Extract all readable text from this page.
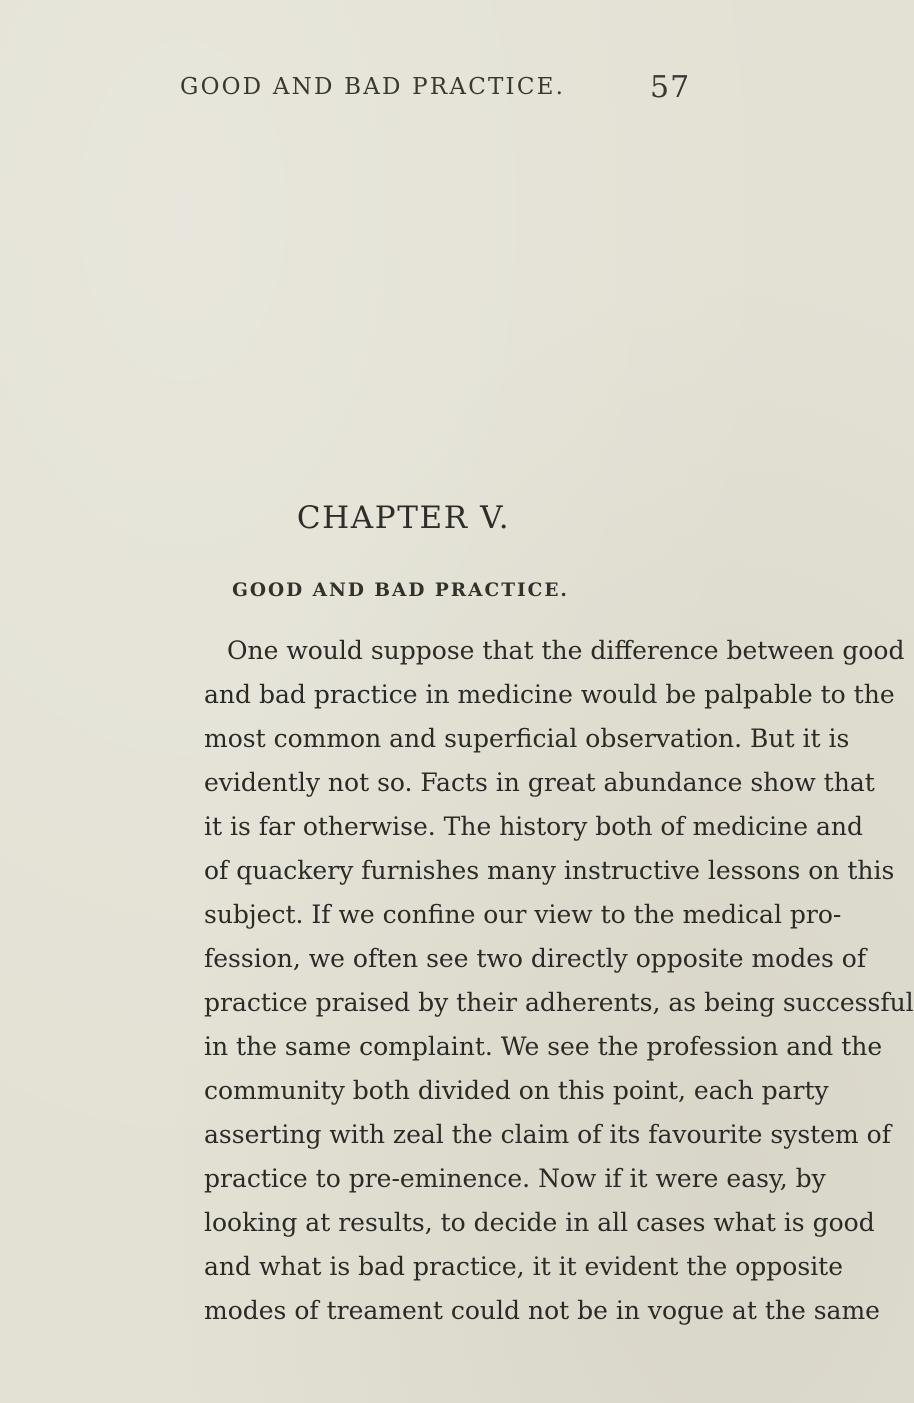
GOOD AND BAD PRACTICE.	57
CHAPTER V.
GOOD AND BAD PRACTICE.
One would suppose that the difference between good
and bad practice in medicine would be palpable to the
most common and superficial observation. But it is
evidently not so. Facts in great abundance show that
it is far otherwise. The history both of medicine and
of quackery furnishes many instructive lessons on this
subject. If we confine our view to the medical pro-
fession, we often see two directly opposite modes of
practice praised by their adherents, as being successful
in the same complaint. We see the profession and the
community both divided on this point, each party
asserting with zeal the claim of its favourite system of
practice to pre-eminence. Now if it were easy, by
looking at results, to decide in all cases what is good
and what is bad practice, it it evident the opposite
modes of treament could not be in vogue at the same
